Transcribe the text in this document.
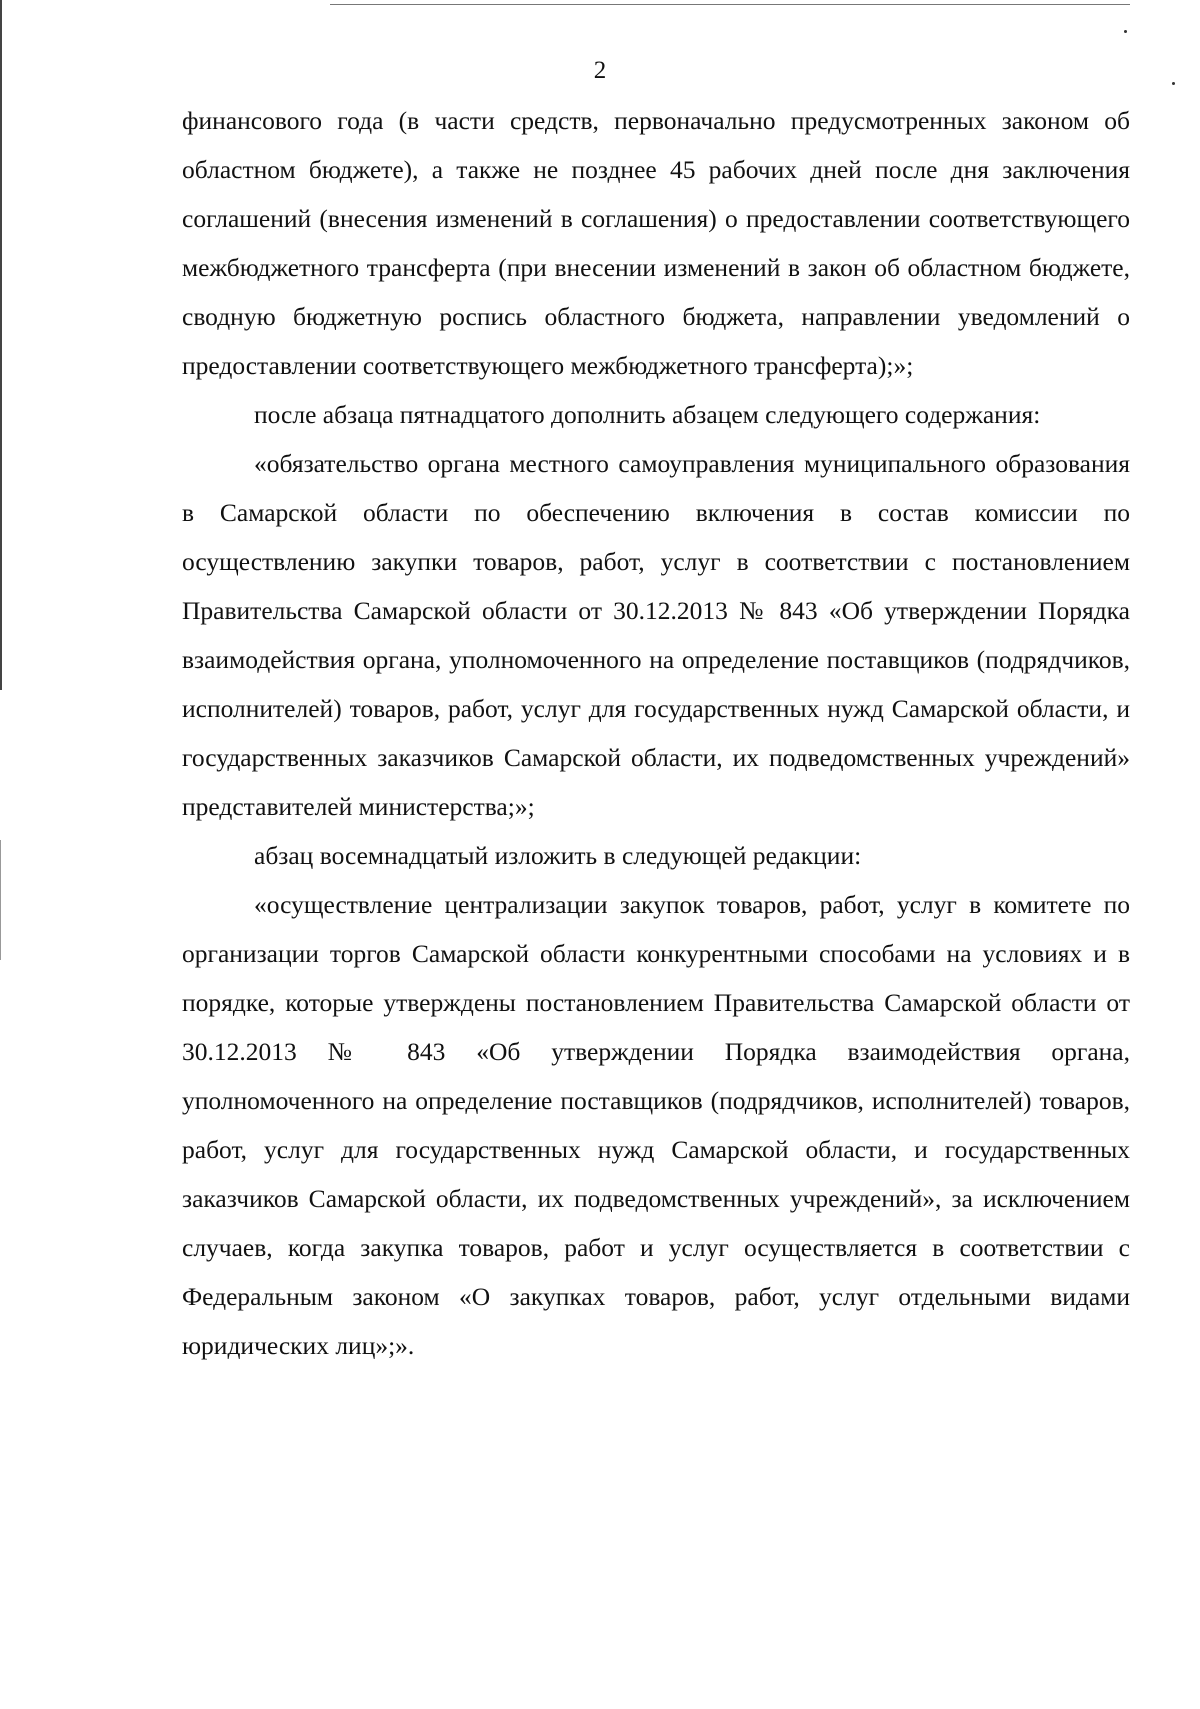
2

финансового года (в части средств, первоначально предусмотренных законом об областном бюджете), а также не позднее 45 рабочих дней после дня заключения соглашений (внесения изменений в соглашения) о предоставлении соответствующего межбюджетного трансферта (при внесении изменений в закон об областном бюджете, сводную бюджетную роспись областного бюджета, направлении уведомлений о предоставлении соответствующего межбюджетного трансферта);»;

после абзаца пятнадцатого дополнить абзацем следующего содержания:

«обязательство органа местного самоуправления муниципального образования в Самарской области по обеспечению включения в состав комиссии по осуществлению закупки товаров, работ, услуг в соответствии с постановлением Правительства Самарской области от 30.12.2013 № 843 «Об утверждении Порядка взаимодействия органа, уполномоченного на определение поставщиков (подрядчиков, исполнителей) товаров, работ, услуг для государственных нужд Самарской области, и государственных заказчиков Самарской области, их подведомственных учреждений» представителей министерства;»;

абзац восемнадцатый изложить в следующей редакции:

«осуществление централизации закупок товаров, работ, услуг в комитете по организации торгов Самарской области конкурентными способами на условиях и в порядке, которые утверждены постановлением Правительства Самарской области от 30.12.2013 № 843 «Об утверждении Порядка взаимодействия органа, уполномоченного на определение поставщиков (подрядчиков, исполнителей) товаров, работ, услуг для государственных нужд Самарской области, и государственных заказчиков Самарской области, их подведомственных учреждений», за исключением случаев, когда закупка товаров, работ и услуг осуществляется в соответствии с Федеральным законом «О закупках товаров, работ, услуг отдельными видами юридических лиц»;».
